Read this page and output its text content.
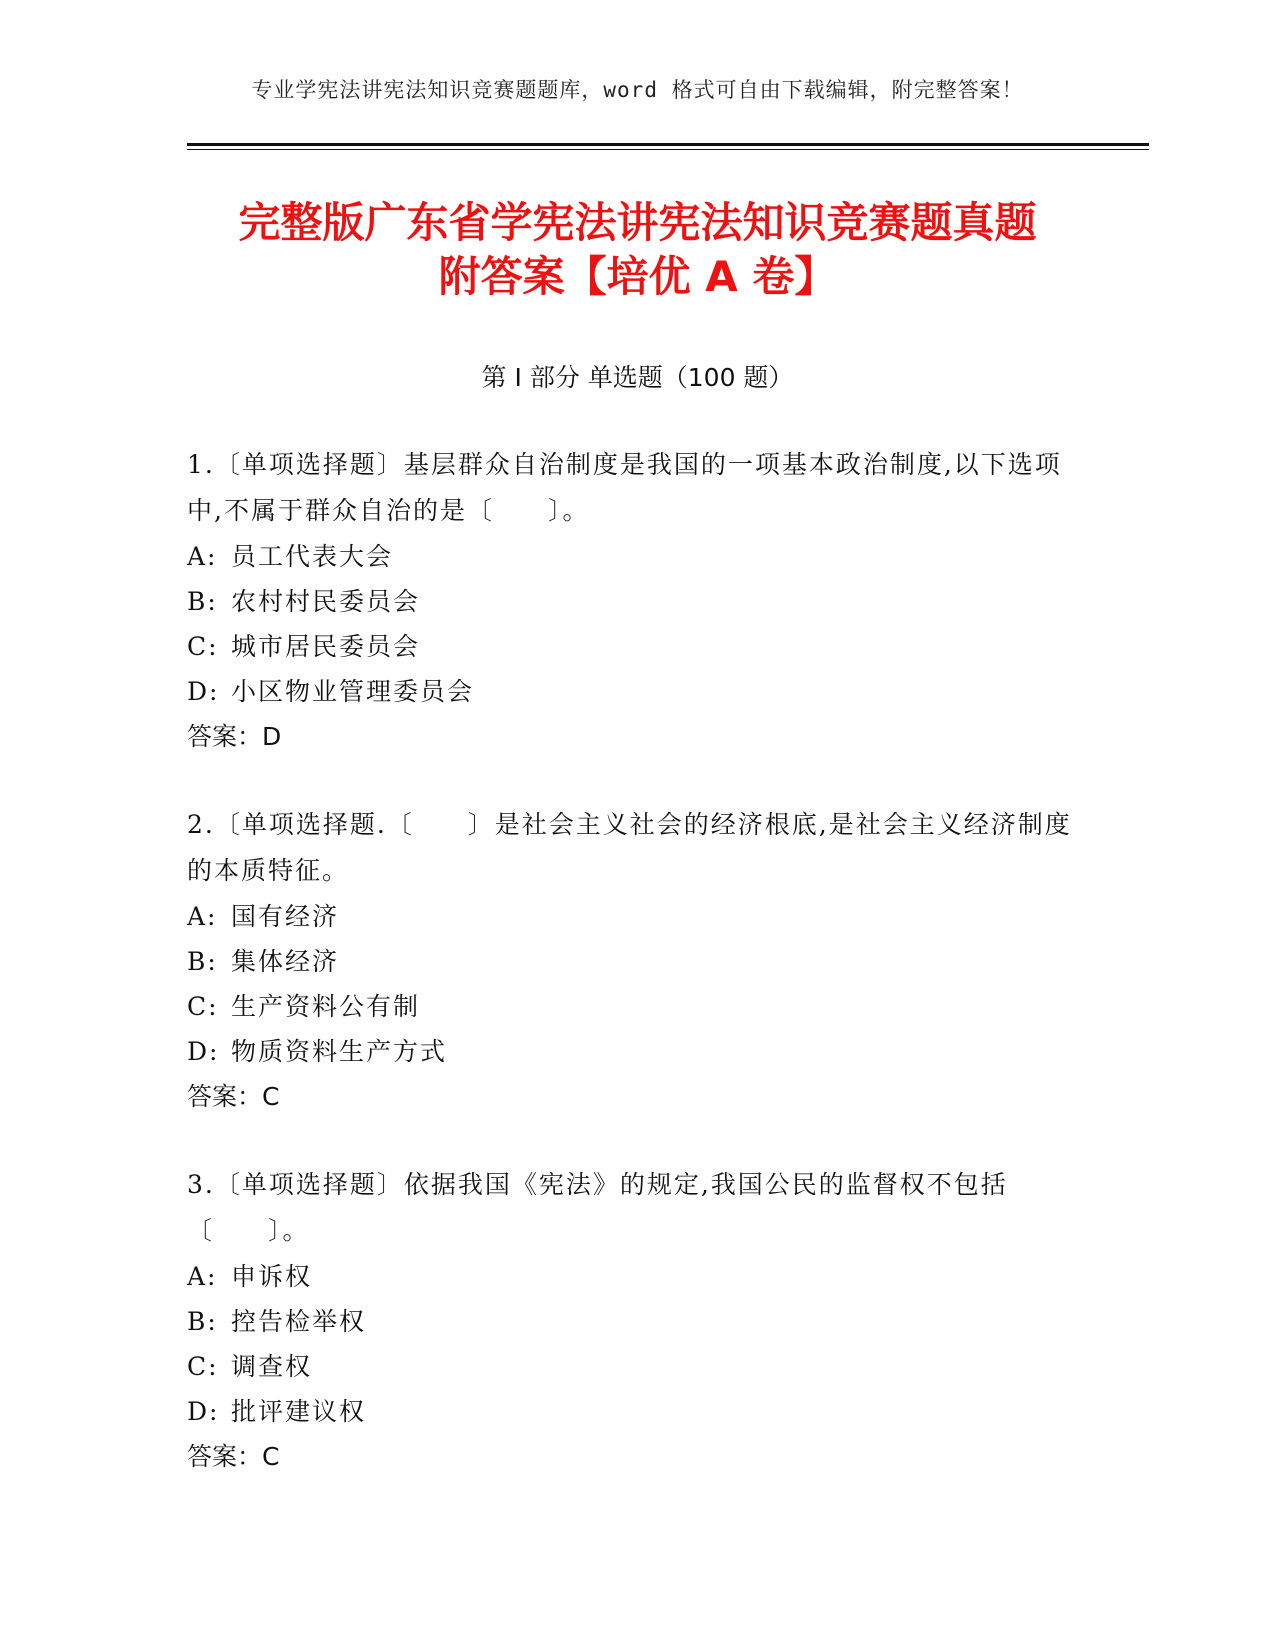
专业学宪法讲宪法知识竞赛题题库，word 格式可自由下载编辑，附完整答案！
完整版广东省学宪法讲宪法知识竞赛题真题
附答案【培优 A 卷】
第 I 部分 单选题（100 题）

1.〔单项选择题〕基层群众自治制度是我国的一项基本政治制度,以下选项中,不属于群众自治的是〔　　〕。

A: 员工代表大会
B: 农村村民委员会
C: 城市居民委员会
D: 小区物业管理委员会
答案：D

2.〔单项选择题.〔　　〕是社会主义社会的经济根底,是社会主义经济制度的本质特征。

A: 国有经济
B: 集体经济
C: 生产资料公有制
D: 物质资料生产方式
答案：C

3.〔单项选择题〕依据我国《宪法》的规定,我国公民的监督权不包括〔　　〕。

A: 申诉权
B: 控告检举权
C: 调查权
D: 批评建议权
答案：C
